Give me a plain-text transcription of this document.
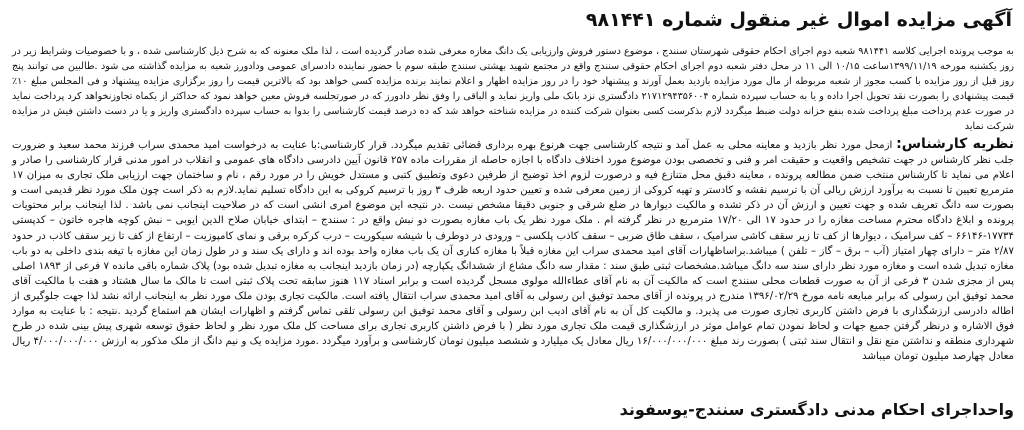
آگهی مزایده اموال غیر منقول شماره ۹۸۱۴۴۱
به موجب پرونده اجرایی کلاسه ۹۸۱۴۴۱ شعبه دوم اجرای احکام حقوقی شهرستان سنندج ، موضوع دستور فروش وارزیابی یک دانگ مغازه معرفی شده صادر گردیده است ، لذا ملک معنونه که به شرح ذیل کارشناسی شده ، و با خصوصیات وشرایط زیر در روز یکشنبه مورخه ۱۳۹۹/۱۱/۱۹ساعت ۱۰/۱۵ الی ۱۱ در محل دفتر شعبه دوم اجرای احکام حقوقی سنندج واقع در مجتمع شهید بهشتی سنندج طبقه سوم با حضور نماینده دادسرای عمومی ودادورز شعبه به مزایده گذاشته می شود .طالبین می توانند پنج روز قبل از روز مزایده با کسب مجوز از شعبه مربوطه از مال مورد مزایده بازدید بعمل آورند و پیشنهاد خود را در روز مزایده اظهار و اعلام نمایند برنده مزایده کسی خواهد بود که بالاترین قیمت را روز برگزاری مزایده پیشنهاد و فی المجلس مبلغ ۱۰٪ قیمت پیشنهادی را بصورت نقد تحویل اجرا داده و یا به حساب سپرده شماره ۲۱۷۱۲۹۴۳۵۶۰۰۴ دادگستری نزد بانک ملی واریز نماید و الباقی را وفق نظر دادورز که در صورتجلسه فروش معین خواهد نمود که حداکثر از یکماه تجاوزنخواهد کرد پرداخت نماید در صورت عدم پرداخت مبلغ پرداخت شده بنفع خزانه دولت ضبط میگردد لازم بذکرست کسی بعنوان شرکت کننده در مزایده شناخته خواهد شد که ده درصد قیمت کارشناسی را بدوا به حساب سپرده دادگستری واریز و یا در دست داشتن فیش در مزایده شرکت نماید
نظریه کارشناس: ازمحل مورد نظر بازدید و معاینه محلی به عمل آمد و نتیجه کارشناسی جهت هرنوع بهره برداری قضائی تقدیم میگردد. قرار کارشناسی:با عنایت به درخواست امید محمدی سراب فرزند محمد سعید و ضرورت جلب نظر کارشناس در جهت تشخیص واقعیت و حقیقت امر و فنی و تخصصی بودن موضوع مورد اختلاف دادگاه با اجازه حاصله از مقررات ماده ۲۵۷ قانون آیین دادرسی دادگاه های عمومی و انقلاب در امور مدنی قرار کارشناسی را صادر و اعلام می نماید تا کارشناس منتخب ضمن مطالعه پرونده ، معاینه دقیق محل متنازع فیه و درصورت لزوم اخذ توضیح از طرفین دعوی وتطبیق کتبی و مستدل خویش را در مورد رقم ، نام و ساختمان جهت ارزیابی ملک تجاری به میزان ۱۷ مترمربع تعیین تا نسبت به برآورد ارزش ریالی آن با ترسیم نقشه و کادستر و تهیه کروکی از زمین معرفی شده و تعیین حدود اربعه ظرف ۳ روز با ترسیم کروکی به این دادگاه تسلیم نماید.لازم به ذکر است چون ملک مورد نظر قدیمی است و بصورت سه دانگ تعریف شده و جهت تعیین و ارزش آن در ذکر تشده و مالکیت دیوارها در ضلع شرقی و جنوبی دقیقا مشخص نیست .در نتیجه این موضوع امری انشی است که در صلاحیت اینجانب نمی باشد . لذا اینجانب برابر محتویات پرونده و ابلاغ دادگاه محترم مساحت مغازه را در حدود ۱۷ الی ۱۷/۲۰ مترمربع در نظر گرفته ام . ملک مورد نظر یک باب مغازه بصورت دو نبش واقع در : سنندج – ابتدای خیابان صلاح الدین ایوبی – نبش کوچه هاجره خاتون – کدپستی ۱۷۷۳۴-۶۶۱۴۶ – کف سرامیک ، دیوارها از کف تا زیر سقف کاشی سرامیک ، سقف طاق ضربی – سقف کاذب پلکسی – ورودی در دوطرف با شیشه سیکوریت – درب کرکره برقی و نمای کامپوزیت – ارتفاع از کف تا زیر سقف کاذب در حدود ۲/۸۷ متر – دارای چهار امتیاز (آب – برق – گاز – تلفن ) میباشد.براساظهارات آقای امید محمدی سراب این مغازه قبلاً با مغازه کناری آن یک باب مغازه واحد بوده اند و دارای یک سند و در طول زمان این مغازه با تیغه بندی داخلی به دو باب مغازه تبدیل شده است و مغازه مورد نظر دارای سند سه دانگ میباشد.مشخصات ثبتی طبق سند : مقدار سه دانگ مشاع از ششدانگ یکپارچه (در زمان بازدید اینجانب به مغازه تبدیل شده بود) پلاک شماره باقی مانده ۷ فرعی از ۱۸۹۳ اصلی پس از مجزی شدن ۳ فرعی از آن به صورت قطعات محلی سنندج است که مالکیت آن به نام آقای عطاءالله مولوی مسجل گردیده است و برابر اسناد ۱۱۷ هنوز سابقه تحت پلاک ثبتی است تا مالک ما سال هشتاد و هفت با مالکیت آقای محمد توفیق ابن رسولی که برابر مبایعه نامه مورخ ۱۳۹۶/۰۲/۲۹ مندرج در پرونده از آقای محمد توفیق ابن رسولی به آقای امید محمدی سراب انتقال یافته است. مالکیت تجاری بودن ملک مورد نظر به اینجانب ارائه نشد لذا جهت جلوگیری از اطاله دادرسی ارزشگذاری با فرض داشتن کاربری تجاری صورت می پذیرد. و مالکیت کل آن به نام آقای ادیب ابن رسولی و آقای محمد توفیق ابن رسولی تلقی تماس گرفتم و اظهارات ایشان هم استماع گردید .نتیجه : با عنایت به موارد فوق الاشاره و درنظر گرفتن جمیع جهات و لحاظ نمودن تمام عوامل موثر در ارزشگذاری قیمت ملک تجاری مورد نظر ( با فرض داشتن کاربری تجاری برای مساحت کل ملک مورد نظر و لحاظ حقوق توسعه شهری پیش بینی شده در طرح شهرداری منطقه و نداشتن منع نقل و انتقال سند ثبتی ) بصورت رند مبلغ ۱۶/۰۰۰/۰۰۰/۰۰۰ ریال معادل یک میلیارد و ششصد میلیون تومان کارشناسی و برآورد میگردد .مورد مزایده یک و نیم دانگ از ملک مذکور به ارزش ۴/۰۰۰/۰۰۰/۰۰۰ ریال معادل چهارصد میلیون تومان میباشد
واحداجرای احکام مدنی دادگستری سنندج-یوسفوند
